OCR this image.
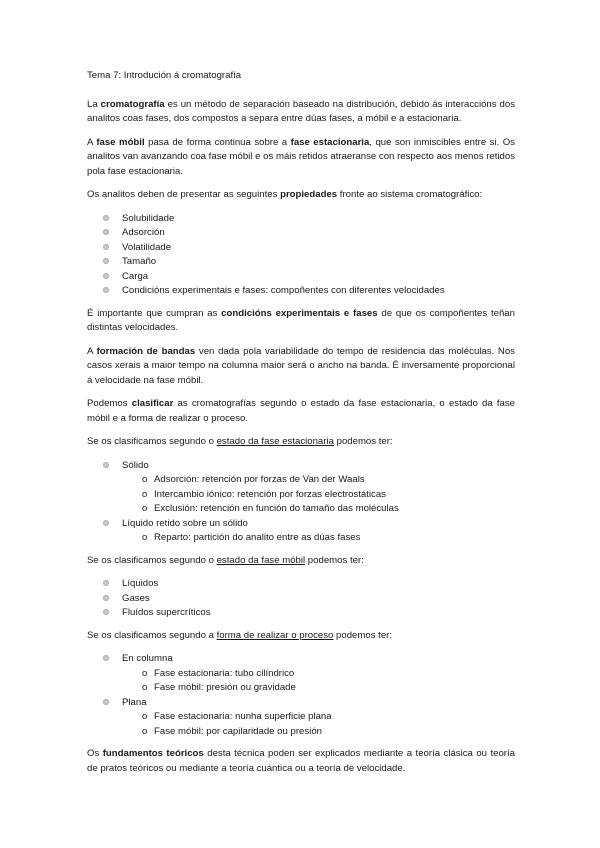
Tema 7: Introdución á cromatografía

La cromatografía es un método de separación baseado na distribución, debido ás interaccións dos analitos coas fases, dos compostos a separa entre dúas fases, a móbil e a estacionaria.

A fase móbil pasa de forma continua sobre a fase estacionaria, que son inmiscibles entre si. Os analitos van avanzando coa fase móbil e os máis retidos atraeranse con respecto aos menos retidos pola fase estacionaria.

Os analitos deben de presentar as seguintes propiedades fronte ao sistema cromatográfico:

Solubilidade
Adsorción
Volatilidade
Tamaño
Carga
Condicións experimentais e fases: compoñentes con diferentes velocidades

É importante que cumpran as condicións experimentais e fases de que os compoñentes teñan distintas velocidades.

A formación de bandas ven dada pola variabilidade do tempo de residencia das moléculas. Nos casos xerais a maior tempo na columna maior será o ancho na banda. É inversamente proporcional á velocidade na fase móbil.

Podemos clasificar as cromatografías segundo o estado da fase estacionaria, o estado da fase móbil e a forma de realizar o proceso.

Se os clasificamos segundo o estado da fase estacionaria podemos ter:

Sólido
o Adsorción: retención por forzas de Van der Waals
o Intercambio iónico: retención por forzas electrostáticas
o Exclusión: retención en función do tamaño das moléculas
Líquido retido sobre un sólido
o Reparto: partición do analito entre as dúas fases

Se os clasificamos segundo o estado da fase móbil podemos ter:

Líquidos
Gases
Fluídos supercríticos

Se os clasificamos segundo a forma de realizar o proceso podemos ter:

En columna
o Fase estacionaria: tubo cilíndrico
o Fase móbil: presión ou gravidade
Plana
o Fase estacionaria: nunha superficie plana
o Fase móbil: por capilaridade ou presión

Os fundamentos teóricos desta técnica poden ser explicados mediante a teoría clásica ou teoría de pratos teóricos ou mediante a teoría cuántica ou a teoría de velocidade.
